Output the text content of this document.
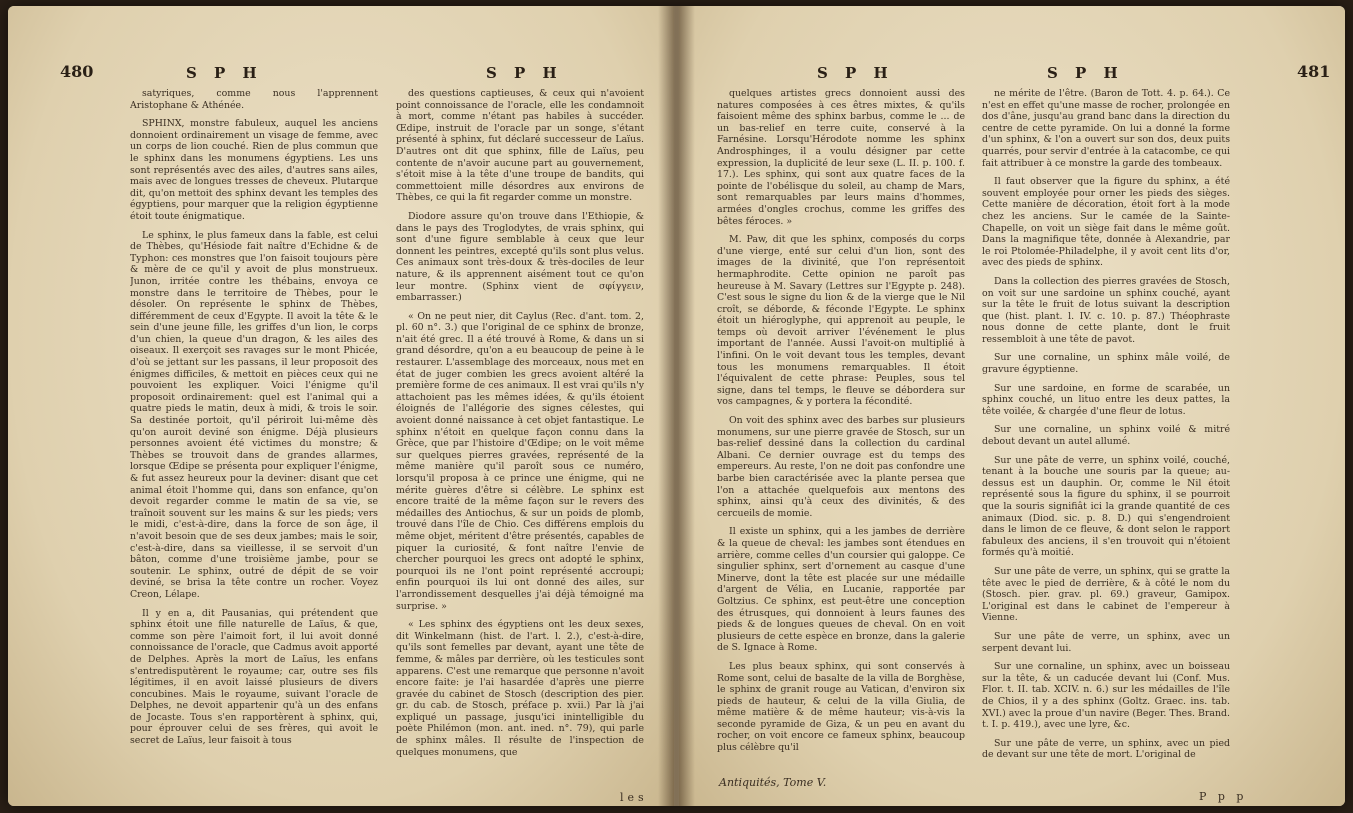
480	S P H	S P H

satyriques, comme nous l'apprennent Aristophane & Athénée.

SPHINX, monstre fabuleux, auquel les anciens donnoient ordinairement un visage de femme, avec un corps de lion couché. Rien de plus commun que le sphinx dans les monumens égyptiens. Les uns sont représentés avec des ailes, d'autres sans ailes, mais avec de longues tresses de cheveux. Plutarque dit, qu'on mettoit des sphinx devant les temples des égyptiens, pour marquer que la religion égyptienne étoit toute énigmatique.

Le sphinx, le plus fameux dans la fable, est celui de Thèbes, qu'Hésiode fait naître d'Echidne & de Typhon: ces monstres que l'on faisoit toujours père & mère de ce qu'il y avoit de plus monstrueux. Junon, irritée contre les thébains, envoya ce monstre dans le territoire de Thèbes, pour le désoler. On représente le sphinx de Thèbes, différemment de ceux d'Egypte. Il avoit la tête & le sein d'une jeune fille, les griffes d'un lion, le corps d'un chien, la queue d'un dragon, & les ailes des oiseaux. Il exerçoit ses ravages sur le mont Phicée, d'où se jettant sur les passans, il leur proposoit des énigmes difficiles, & mettoit en pièces ceux qui ne pouvoient les expliquer. Voici l'énigme qu'il proposoit ordinairement: quel est l'animal qui a quatre pieds le matin, deux à midi, & trois le soir. Sa destinée portoit, qu'il périroit lui-même dès qu'on auroit deviné son énigme. Déjà plusieurs personnes avoient été victimes du monstre; & Thèbes se trouvoit dans de grandes allarmes, lorsque Œdipe se présenta pour expliquer l'énigme, & fut assez heureux pour la deviner: disant que cet animal étoit l'homme qui, dans son enfance, qu'on devoit regarder comme le matin de sa vie, se traînoit souvent sur les mains & sur les pieds; vers le midi, c'est-à-dire, dans la force de son âge, il n'avoit besoin que de ses deux jambes; mais le soir, c'est-à-dire, dans sa vieillesse, il se servoit d'un bâton, comme d'une troisième jambe, pour se soutenir. Le sphinx, outré de dépit de se voir deviné, se brisa la tête contre un rocher. Voyez Creon, Lélape.

Il y en a, dit Pausanias, qui prétendent que sphinx étoit une fille naturelle de Laïus, & que, comme son père l'aimoit fort, il lui avoit donné connoissance de l'oracle, que Cadmus avoit apporté de Delphes. Après la mort de Laïus, les enfans s'entredisputèrent le royaume; car, outre ses fils légitimes, il en avoit laissé plusieurs de divers concubines. Mais le royaume, suivant l'oracle de Delphes, ne devoit appartenir qu'à un des enfans de Jocaste. Tous s'en rapportèrent à sphinx, qui, pour éprouver celui de ses frères, qui avoit le secret de Laïus, leur faisoit à tous

des questions captieuses, & ceux qui n'avoient point connoissance de l'oracle, elle les condamnoit à mort, comme n'étant pas habiles à succéder. Œdipe, instruit de l'oracle par un songe, s'étant présenté à sphinx, fut déclaré successeur de Laïus. D'autres ont dit que sphinx, fille de Laïus, peu contente de n'avoir aucune part au gouvernement, s'étoit mise à la tête d'une troupe de bandits, qui commettoient mille désordres aux environs de Thèbes, ce qui la fit regarder comme un monstre.

Diodore assure qu'on trouve dans l'Ethiopie, & dans le pays des Troglodytes, de vrais sphinx, qui sont d'une figure semblable à ceux que leur donnent les peintres, excepté qu'ils sont plus velus. Ces animaux sont très-doux & très-dociles de leur nature, & ils apprennent aisément tout ce qu'on leur montre. (Sphinx vient de σφίγγειν, embarrasser.)

« On ne peut nier, dit Caylus (Rec. d'ant. tom. 2, pl. 60 n°. 3.) que l'original de ce sphinx de bronze, n'ait été grec. Il a été trouvé à Rome, & dans un si grand désordre, qu'on a eu beaucoup de peine à le restaurer. L'assemblage des morceaux, nous met en état de juger combien les grecs avoient altéré la première forme de ces animaux. Il est vrai qu'ils n'y attachoient pas les mêmes idées, & qu'ils étoient éloignés de l'allégorie des signes célestes, qui avoient donné naissance à cet objet fantastique. Le sphinx n'étoit en quelque façon connu dans la Grèce, que par l'histoire d'Œdipe; on le voit même sur quelques pierres gravées, représenté de la même manière qu'il paroît sous ce numéro, lorsqu'il proposa à ce prince une énigme, qui ne mérite guères d'être si célèbre. Le sphinx est encore traité de la même façon sur le revers des médailles des Antiochus, & sur un poids de plomb, trouvé dans l'île de Chio. Ces différens emplois du même objet, méritent d'être présentés, capables de piquer la curiosité, & font naître l'envie de chercher pourquoi les grecs ont adopté le sphinx, pourquoi ils ne l'ont point représenté accroupi; enfin pourquoi ils lui ont donné des ailes, sur l'arrondissement desquelles j'ai déjà témoigné ma surprise. »

« Les sphinx des égyptiens ont les deux sexes, dit Winkelmann (hist. de l'art. l. 2.), c'est-à-dire, qu'ils sont femelles par devant, ayant une tête de femme, & mâles par derrière, où les testicules sont apparens. C'est une remarque que personne n'avoit encore faite: je l'ai hasardée d'après une pierre gravée du cabinet de Stosch (description des pier. gr. du cab. de Stosch, préface p. xvii.) Par là j'ai expliqué un passage, jusqu'ici inintelligible du poète Philémon (mon. ant. ined. n°. 79), qui parle de sphinx mâles. Il résulte de l'inspection de quelques monumens, que

les
S P H	S P H	481

quelques artistes grecs donnoient aussi des natures composées à ces êtres mixtes, & qu'ils faisoient même des sphinx barbus, comme le ... de un bas-relief en terre cuite, conservé à la Farnésine. Lorsqu'Hérodote nomme les sphinx Androsphinges, il a voulu désigner par cette expression, la duplicité de leur sexe (L. II. p. 100. f. 17.). Les sphinx, qui sont aux quatre faces de la pointe de l'obélisque du soleil, au champ de Mars, sont remarquables par leurs mains d'hommes, armées d'ongles crochus, comme les griffes des bêtes féroces. »

M. Paw, dit que les sphinx, composés du corps d'une vierge, enté sur celui d'un lion, sont des images de la divinité, que l'on représentoit hermaphrodite. Cette opinion ne paroît pas heureuse à M. Savary (Lettres sur l'Egypte p. 248). C'est sous le signe du lion & de la vierge que le Nil croît, se déborde, & féconde l'Egypte. Le sphinx étoit un hiéroglyphe, qui apprenoit au peuple, le temps où devoit arriver l'événement le plus important de l'année. Aussi l'avoit-on multiplié à l'infini. On le voit devant tous les temples, devant tous les monumens remarquables. Il étoit l'équivalent de cette phrase: Peuples, sous tel signe, dans tel temps, le fleuve se débordera sur vos campagnes, & y portera la fécondité.

On voit des sphinx avec des barbes sur plusieurs monumens, sur une pierre gravée de Stosch, sur un bas-relief dessiné dans la collection du cardinal Albani. Ce dernier ouvrage est du temps des empereurs. Au reste, l'on ne doit pas confondre une barbe bien caractérisée avec la plante persea que l'on a attachée quelquefois aux mentons des sphinx, ainsi qu'à ceux des divinités, & des cercueils de momie.

Il existe un sphinx, qui a les jambes de derrière & la queue de cheval: les jambes sont étendues en arrière, comme celles d'un coursier qui galoppe. Ce singulier sphinx, sert d'ornement au casque d'une Minerve, dont la tête est placée sur une médaille d'argent de Vélia, en Lucanie, rapportée par Goltzius. Ce sphinx, est peut-être une conception des étrusques, qui donnoient à leurs faunes des pieds & de longues queues de cheval. On en voit plusieurs de cette espèce en bronze, dans la galerie de S. Ignace à Rome.

Les plus beaux sphinx, qui sont conservés à Rome sont, celui de basalte de la villa de Borghèse, le sphinx de granit rouge au Vatican, d'environ six pieds de hauteur, & celui de la villa Giulia, de même matière & de même hauteur; vis-à-vis la seconde pyramide de Giza, & un peu en avant du rocher, on voit encore ce fameux sphinx, beaucoup plus célèbre qu'il

ne mérite de l'être. (Baron de Tott. 4. p. 64.). Ce n'est en effet qu'une masse de rocher, prolongée en dos d'âne, jusqu'au grand banc dans la direction du centre de cette pyramide. On lui a donné la forme d'un sphinx, & l'on a ouvert sur son dos, deux puits quarrés, pour servir d'entrée à la catacombe, ce qui fait attribuer à ce monstre la garde des tombeaux.

Il faut observer que la figure du sphinx, a été souvent employée pour orner les pieds des sièges. Cette manière de décoration, étoit fort à la mode chez les anciens. Sur le camée de la Sainte-Chapelle, on voit un siège fait dans le même goût. Dans la magnifique tête, donnée à Alexandrie, par le roi Ptolomée-Philadelphe, il y avoit cent lits d'or, avec des pieds de sphinx.

Dans la collection des pierres gravées de Stosch, on voit sur une sardoine un sphinx couché, ayant sur la tête le fruit de lotus suivant la description que (hist. plant. l. IV. c. 10. p. 87.) Théophraste nous donne de cette plante, dont le fruit ressembloit à une tête de pavot.

Sur une cornaline, un sphinx mâle voilé, de gravure égyptienne.

Sur une sardoine, en forme de scarabée, un sphinx couché, un lituo entre les deux pattes, la tête voilée, & chargée d'une fleur de lotus.

Sur une cornaline, un sphinx voilé & mitré debout devant un autel allumé.

Sur une pâte de verre, un sphinx voilé, couché, tenant à la bouche une souris par la queue; au-dessus est un dauphin. Or, comme le Nil étoit représenté sous la figure du sphinx, il se pourroit que la souris signifiât ici la grande quantité de ces animaux (Diod. sic. p. 8. D.) qui s'engendroient dans le limon de ce fleuve, & dont selon le rapport fabuleux des anciens, il s'en trouvoit qui n'étoient formés qu'à moitié.

Sur une pâte de verre, un sphinx, qui se gratte la tête avec le pied de derrière, & à côté le nom du (Stosch. pier. grav. pl. 69.) graveur, Gamipox. L'original est dans le cabinet de l'empereur à Vienne.

Sur une pâte de verre, un sphinx, avec un serpent devant lui.

Sur une cornaline, un sphinx, avec un boisseau sur la tête, & un caducée devant lui (Conf. Mus. Flor. t. II. tab. XCIV. n. 6.) sur les médailles de l'île de Chios, il y a des sphinx (Goltz. Graec. ins. tab. XVI.) avec la proue d'un navire (Beger. Thes. Brand. t. I. p. 419.), avec une lyre, &c.

Sur une pâte de verre, un sphinx, avec un pied de devant sur une tête de mort. L'original de

Antiquités, Tome V.
P p p
